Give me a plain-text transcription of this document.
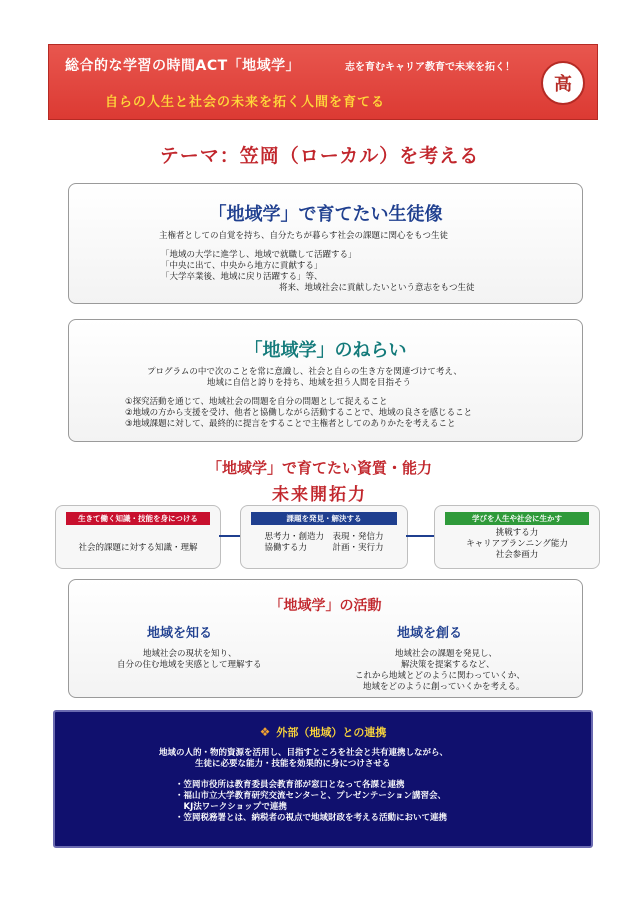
総合的な学習の時間ACT「地域学」	志を育むキャリア教育で未来を拓く！
自らの人生と社会の未来を拓く人間を育てる
高
テーマ：笠岡（ローカル）を考える
「地域学」で育てたい生徒像
主権者としての自覚を持ち、自分たちが暮らす社会の課題に関心をもつ生徒
「地域の大学に進学し、地域で就職して活躍する」
「中央に出て、中央から地方に貢献する」
「大学卒業後、地域に戻り活躍する」等、
将来、地域社会に貢献したいという意志をもつ生徒
「地域学」のねらい
プログラムの中で次のことを常に意識し、社会と自らの生き方を関連づけて考え、
地域に自信と誇りを持ち、地域を担う人間を目指そう
①探究活動を通じて、地域社会の問題を自分の問題として捉えること
②地域の方から支援を受け、他者と協働しながら活動することで、地域の良さを感じること
③地域課題に対して、最終的に提言をすることで主権者としてのありかたを考えること
「地域学」で育てたい資質・能力
未来開拓力
生きて働く知識・技能を身につける
社会的課題に対する知識・理解
課題を発見・解決する
思考力・創造力　表現・発信力
協働する力　　　計画・実行力
学びを人生や社会に生かす
挑戦する力
キャリアプランニング能力
社会参画力
「地域学」の活動
地域を知る
地域社会の現状を知り、
自分の住む地域を実感として理解する
地域を創る
地域社会の課題を発見し、
解決策を提案するなど、
これから地域とどのように関わっていくか、
地域をどのように創っていくかを考える。
❖ 外部（地域）との連携
地域の人的・物的資源を活用し、目指すところを社会と共有連携しながら、
生徒に必要な能力・技能を効果的に身につけさせる
・笠岡市役所は教育委員会教育部が窓口となって各課と連携
・福山市立大学教育研究交流センターと、プレゼンテーション講習会、
　KJ法ワークショップで連携
・笠岡税務署とは、納税者の視点で地域財政を考える活動において連携
